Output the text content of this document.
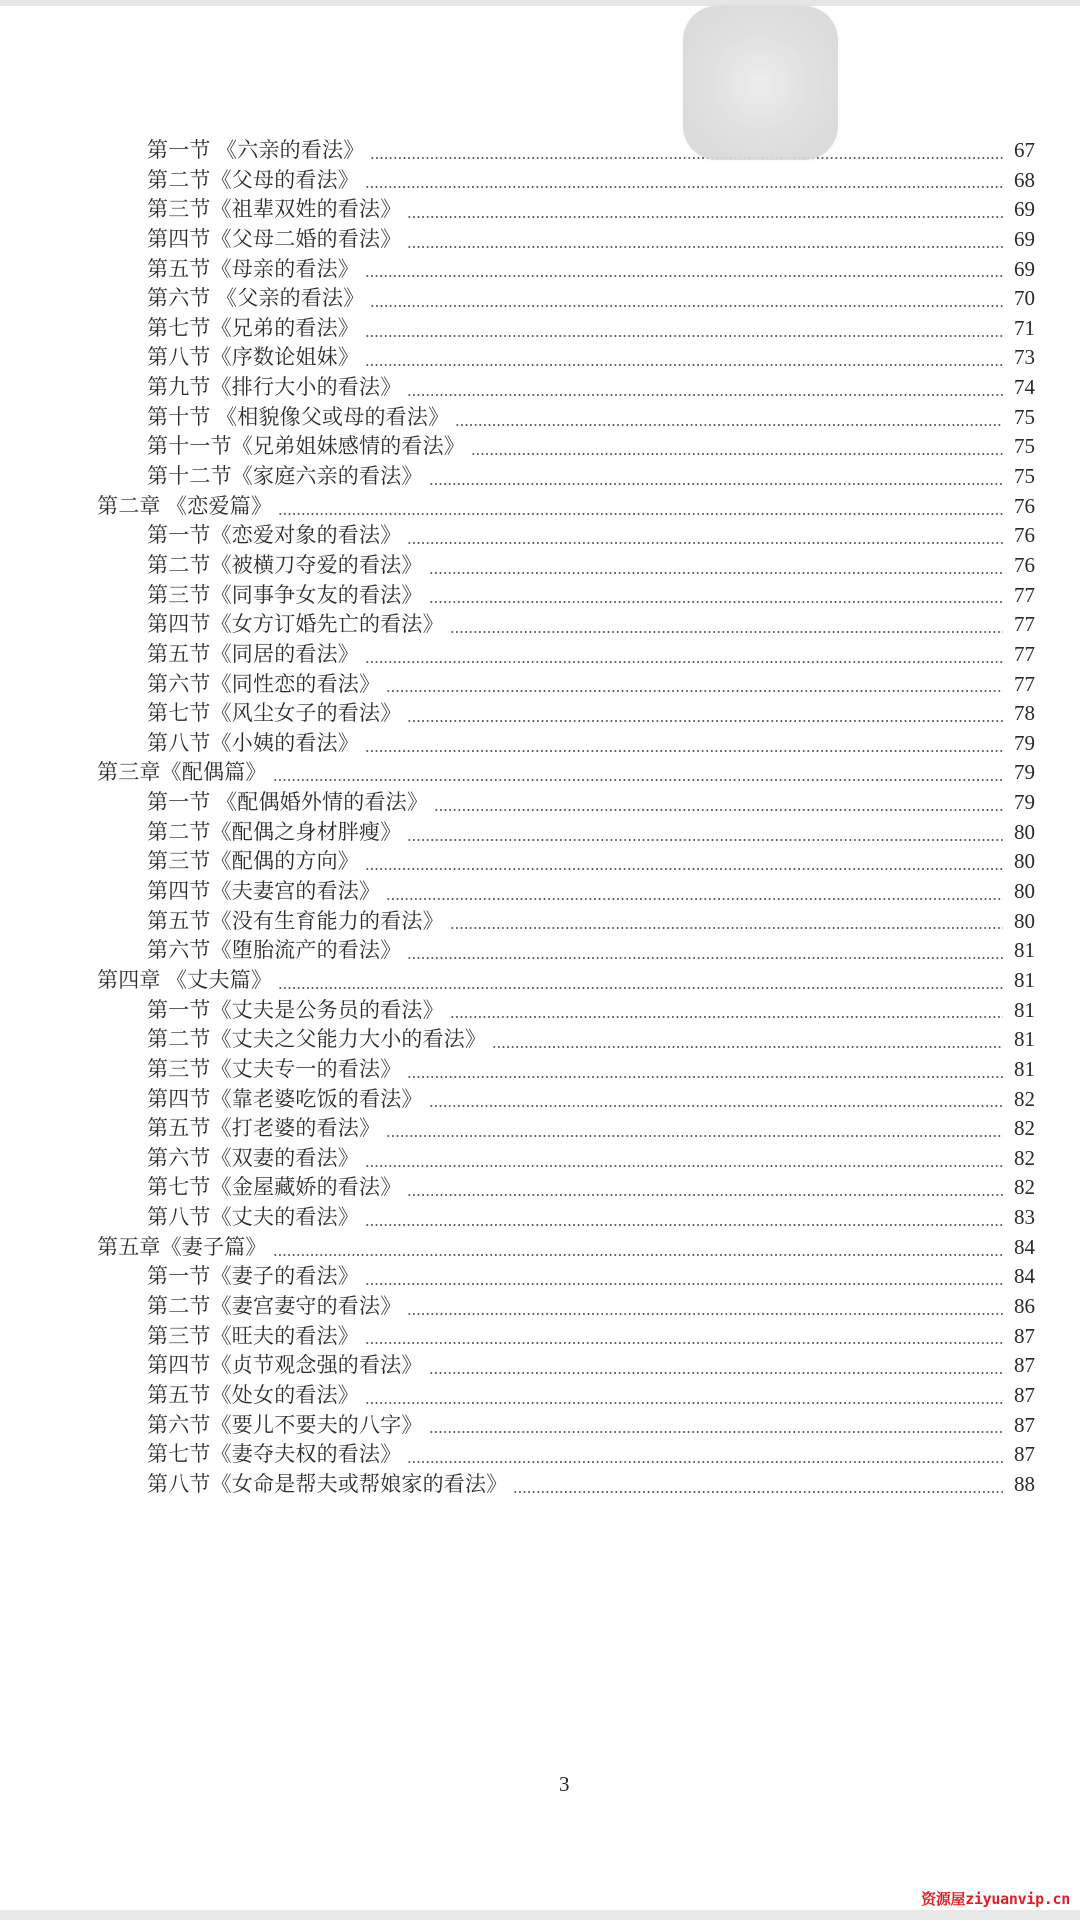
第一节 《六亲的看法》	67
第二节《父母的看法》	68
第三节《祖辈双姓的看法》	69
第四节《父母二婚的看法》	69
第五节《母亲的看法》	69
第六节 《父亲的看法》	70
第七节《兄弟的看法》	71
第八节《序数论姐妹》	73
第九节《排行大小的看法》	74
第十节 《相貌像父或母的看法》	75
第十一节《兄弟姐妹感情的看法》	75
第十二节《家庭六亲的看法》	75
第二章 《恋爱篇》	76
第一节《恋爱对象的看法》	76
第二节《被横刀夺爱的看法》	76
第三节《同事争女友的看法》	77
第四节《女方订婚先亡的看法》	77
第五节《同居的看法》	77
第六节《同性恋的看法》	77
第七节《风尘女子的看法》	78
第八节《小姨的看法》	79
第三章《配偶篇》	79
第一节 《配偶婚外情的看法》	79
第二节《配偶之身材胖瘦》	80
第三节《配偶的方向》	80
第四节《夫妻宫的看法》	80
第五节《没有生育能力的看法》	80
第六节《堕胎流产的看法》	81
第四章 《丈夫篇》	81
第一节《丈夫是公务员的看法》	81
第二节《丈夫之父能力大小的看法》	81
第三节《丈夫专一的看法》	81
第四节《靠老婆吃饭的看法》	82
第五节《打老婆的看法》	82
第六节《双妻的看法》	82
第七节《金屋藏娇的看法》	82
第八节《丈夫的看法》	83
第五章《妻子篇》	84
第一节《妻子的看法》	84
第二节《妻宫妻守的看法》	86
第三节《旺夫的看法》	87
第四节《贞节观念强的看法》	87
第五节《处女的看法》	87
第六节《要儿不要夫的八字》	87
第七节《妻夺夫权的看法》	87
第八节《女命是帮夫或帮娘家的看法》	88
3
资源屋ziyuanvip.cn
